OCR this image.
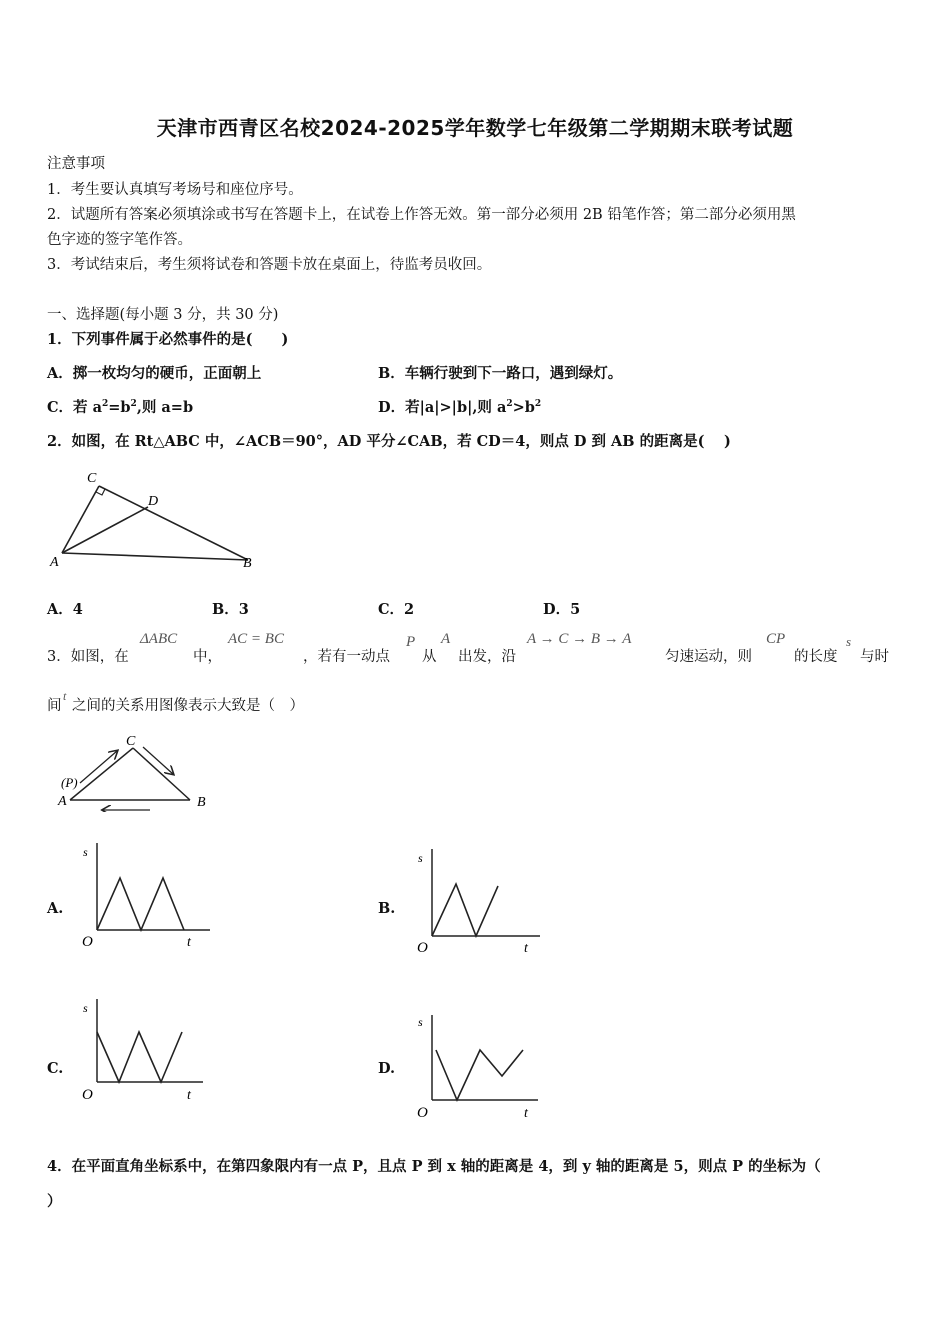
天津市西青区名校2024-2025学年数学七年级第二学期期末联考试题
注意事项
1．考生要认真填写考场号和座位序号。
2．试题所有答案必须填涂或书写在答题卡上，在试卷上作答无效。第一部分必须用 2B 铅笔作答；第二部分必须用黑
色字迹的签字笔作答。
3．考试结束后，考生须将试卷和答题卡放在桌面上，待监考员收回。
一、选择题(每小题 3 分，共 30 分)
1．下列事件属于必然事件的是(　　)
A．掷一枚均匀的硬币，正面朝上	B．车辆行驶到下一路口，遇到绿灯。
C．若 $a^2=b^2$,则 a=b	D．若|a|>|b|,则 $a^2>b^2$
2．如图，在 Rt△ABC 中，∠ACB＝90°，AD 平分∠CAB，若 CD＝4，则点 D 到 AB 的距离是(　 )
C
D
A	B
A．4	B．3	C．2	D．5
3．如图，在
ΔABC
中，
AC = BC
，若有一动点
P
从
A
出发，沿
A → C → B → A
匀速运动，则
CP
的长度
s
与时
间
t
之间的关系用图像表示大致是（　）
C
(P)
A	B
A.	B.
C.	D.
s
O	t
s
O	t
s
O	t
s
O	t
4．在平面直角坐标系中，在第四象限内有一点 P，且点 P 到 x 轴的距离是 4，到 y 轴的距离是 5，则点 P 的坐标为（
）
